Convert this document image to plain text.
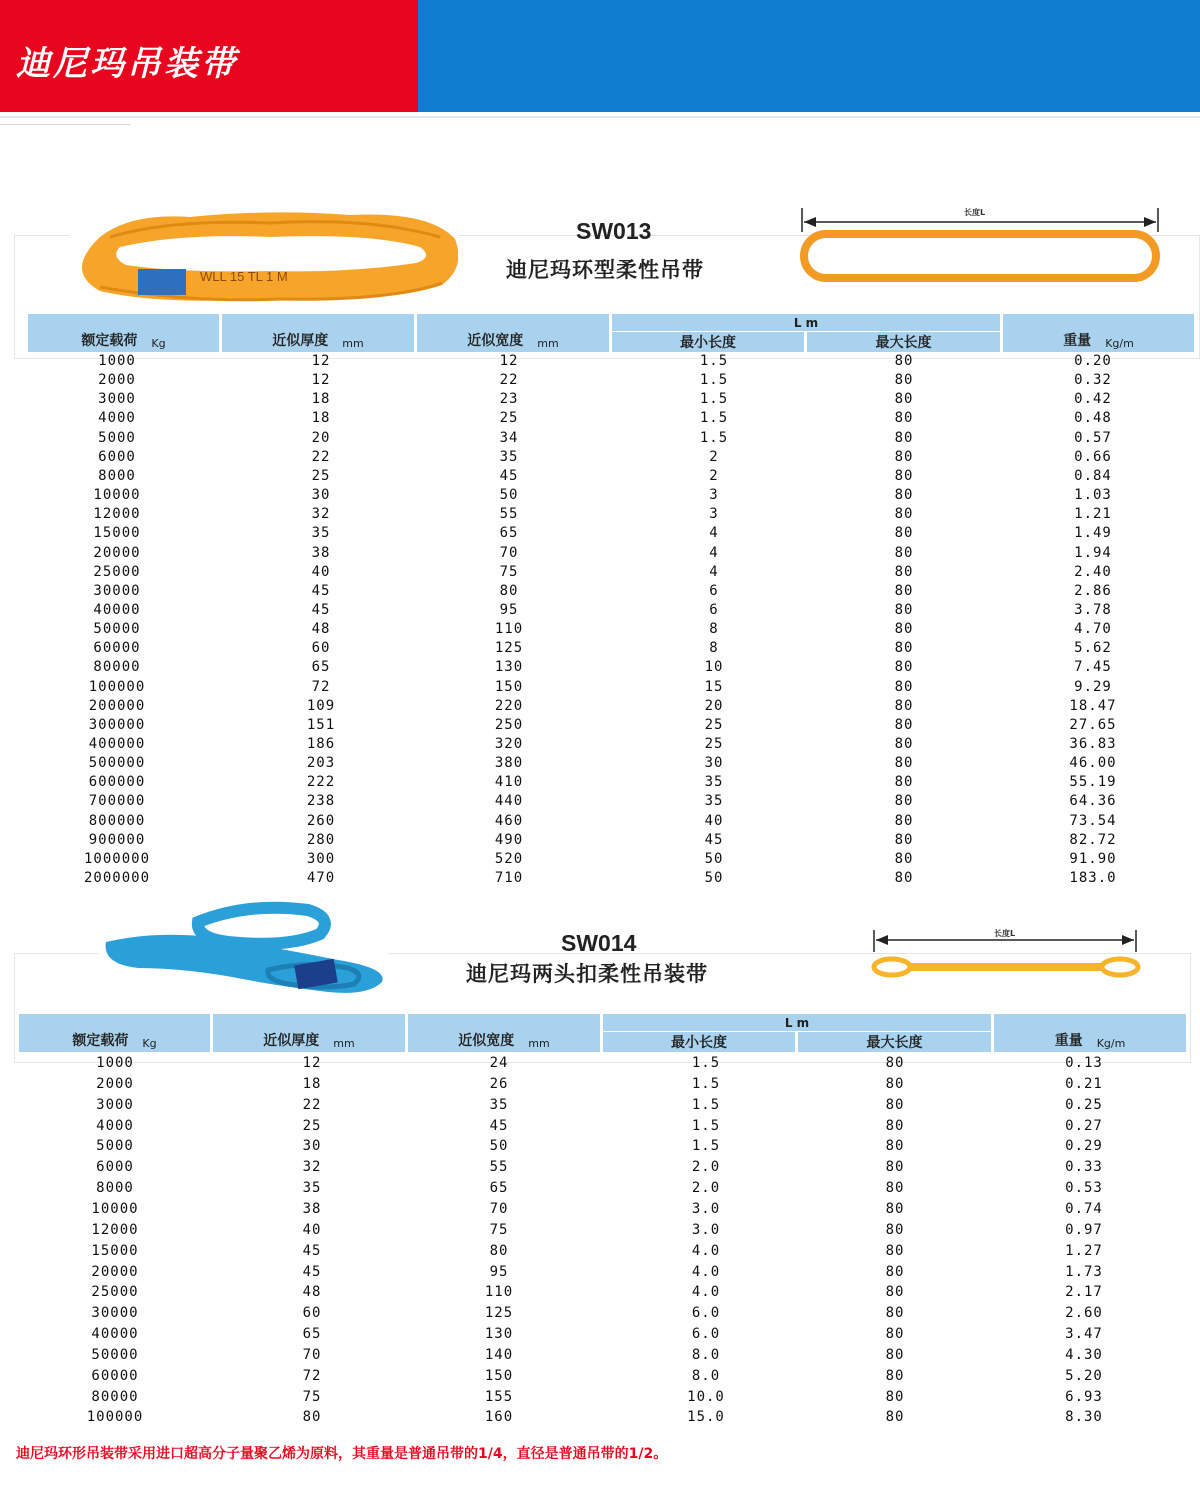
迪尼玛吊装带
WLL 15 TL 1 M
SW013
迪尼玛环型柔性吊带
长度L
额定载荷 Kg	近似厚度 mm	近似宽度 mm
L m
最小长度	最大长度	重量 Kg/m
1000	12	12	1.5	80	0.20
2000	12	22	1.5	80	0.32
3000	18	23	1.5	80	0.42
4000	18	25	1.5	80	0.48
5000	20	34	1.5	80	0.57
6000	22	35	2	80	0.66
8000	25	45	2	80	0.84
10000	30	50	3	80	1.03
12000	32	55	3	80	1.21
15000	35	65	4	80	1.49
20000	38	70	4	80	1.94
25000	40	75	4	80	2.40
30000	45	80	6	80	2.86
40000	45	95	6	80	3.78
50000	48	110	8	80	4.70
60000	60	125	8	80	5.62
80000	65	130	10	80	7.45
100000	72	150	15	80	9.29
200000	109	220	20	80	18.47
300000	151	250	25	80	27.65
400000	186	320	25	80	36.83
500000	203	380	30	80	46.00
600000	222	410	35	80	55.19
700000	238	440	35	80	64.36
800000	260	460	40	80	73.54
900000	280	490	45	80	82.72
1000000	300	520	50	80	91.90
2000000	470	710	50	80	183.0
SW014
迪尼玛两头扣柔性吊装带
长度L
额定载荷 Kg	近似厚度 mm	近似宽度 mm
L m
最小长度	最大长度	重量 Kg/m
1000	12	24	1.5	80	0.13
2000	18	26	1.5	80	0.21
3000	22	35	1.5	80	0.25
4000	25	45	1.5	80	0.27
5000	30	50	1.5	80	0.29
6000	32	55	2.0	80	0.33
8000	35	65	2.0	80	0.53
10000	38	70	3.0	80	0.74
12000	40	75	3.0	80	0.97
15000	45	80	4.0	80	1.27
20000	45	95	4.0	80	1.73
25000	48	110	4.0	80	2.17
30000	60	125	6.0	80	2.60
40000	65	130	6.0	80	3.47
50000	70	140	8.0	80	4.30
60000	72	150	8.0	80	5.20
80000	75	155	10.0	80	6.93
100000	80	160	15.0	80	8.30
迪尼玛环形吊装带采用进口超高分子量聚乙烯为原料，其重量是普通吊带的1/4，直径是普通吊带的1/2。
